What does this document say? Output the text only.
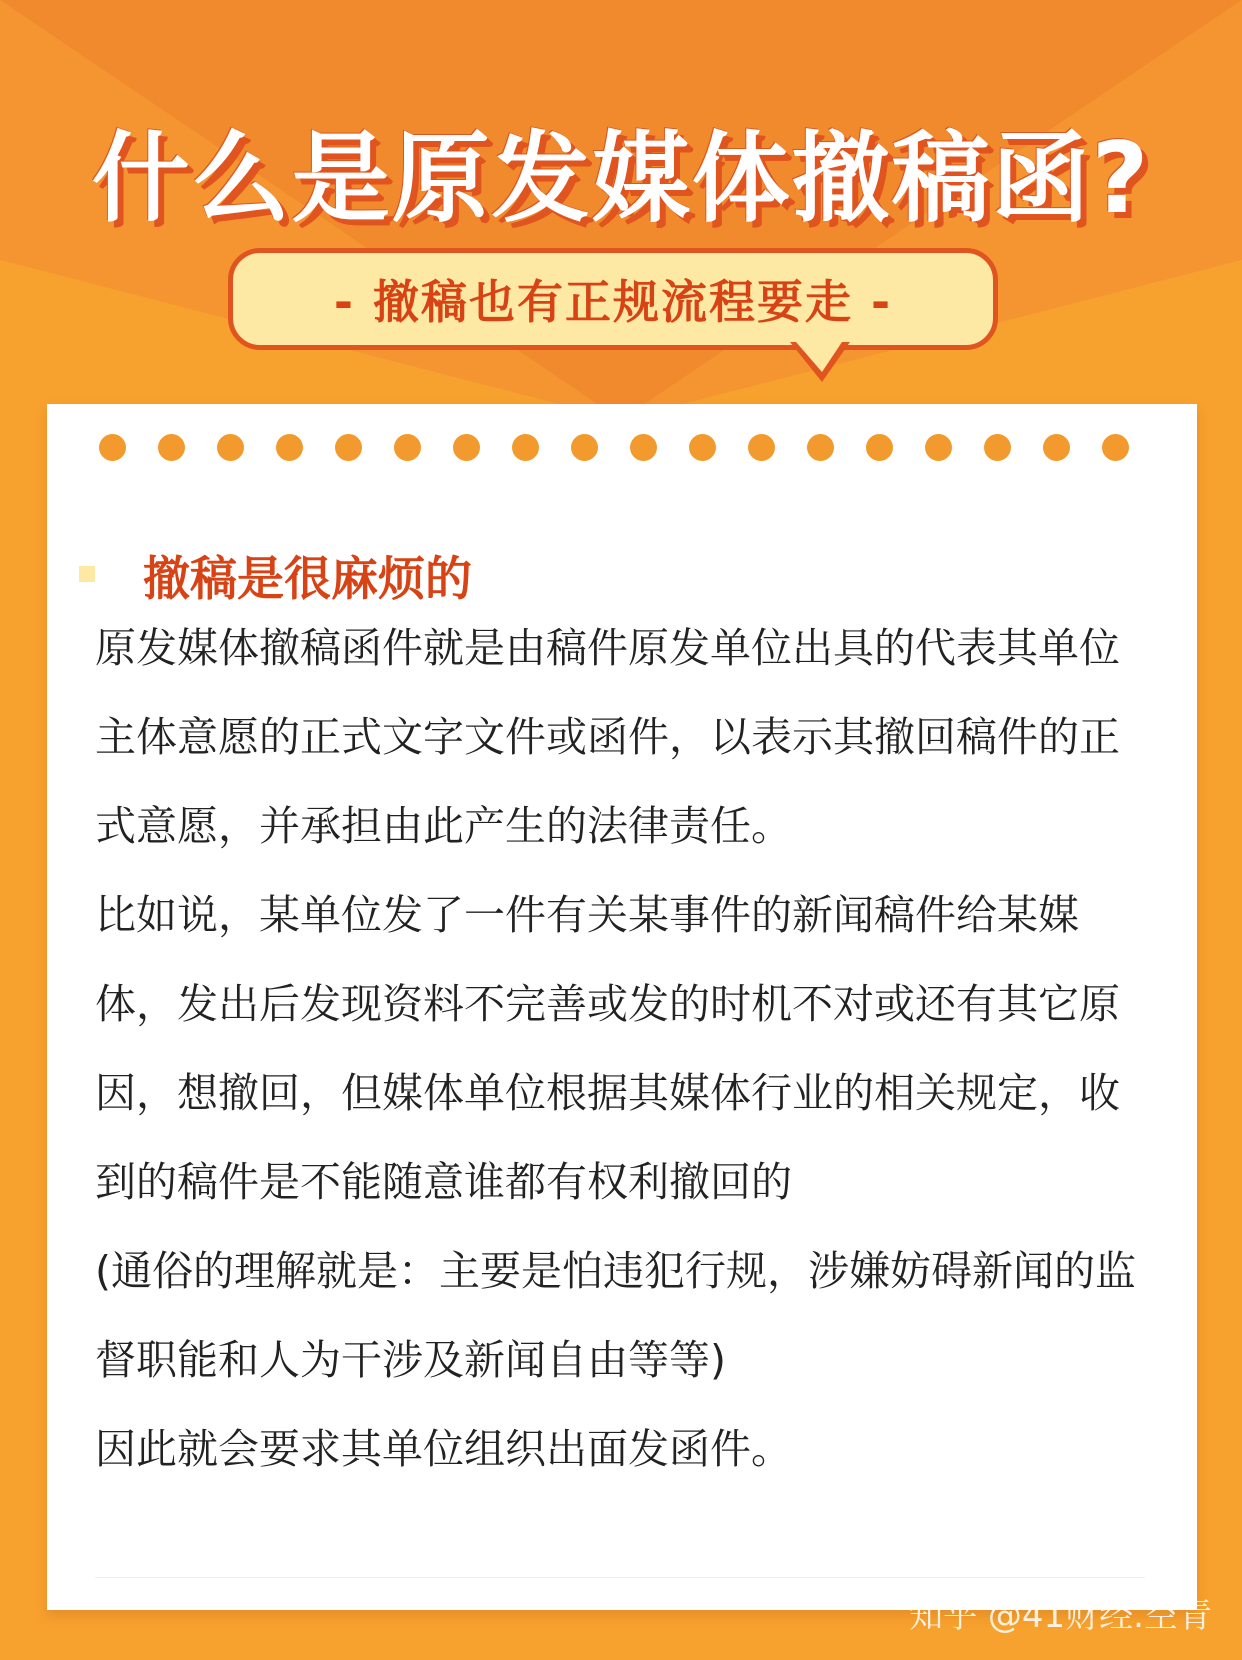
什么是原发媒体撤稿函?
- 撤稿也有正规流程要走 -
撤稿是很麻烦的

原发媒体撤稿函件就是由稿件原发单位出具的代表其单位主体意愿的正式文字文件或函件，以表示其撤回稿件的正式意愿，并承担由此产生的法律责任。

比如说，某单位发了一件有关某事件的新闻稿件给某媒体，发出后发现资料不完善或发的时机不对或还有其它原因，想撤回，但媒体单位根据其媒体行业的相关规定，收到的稿件是不能随意谁都有权利撤回的

(通俗的理解就是：主要是怕违犯行规，涉嫌妨碍新闻的监督职能和人为干涉及新闻自由等等)

因此就会要求其单位组织出面发函件。

知乎 @41财经.空青
